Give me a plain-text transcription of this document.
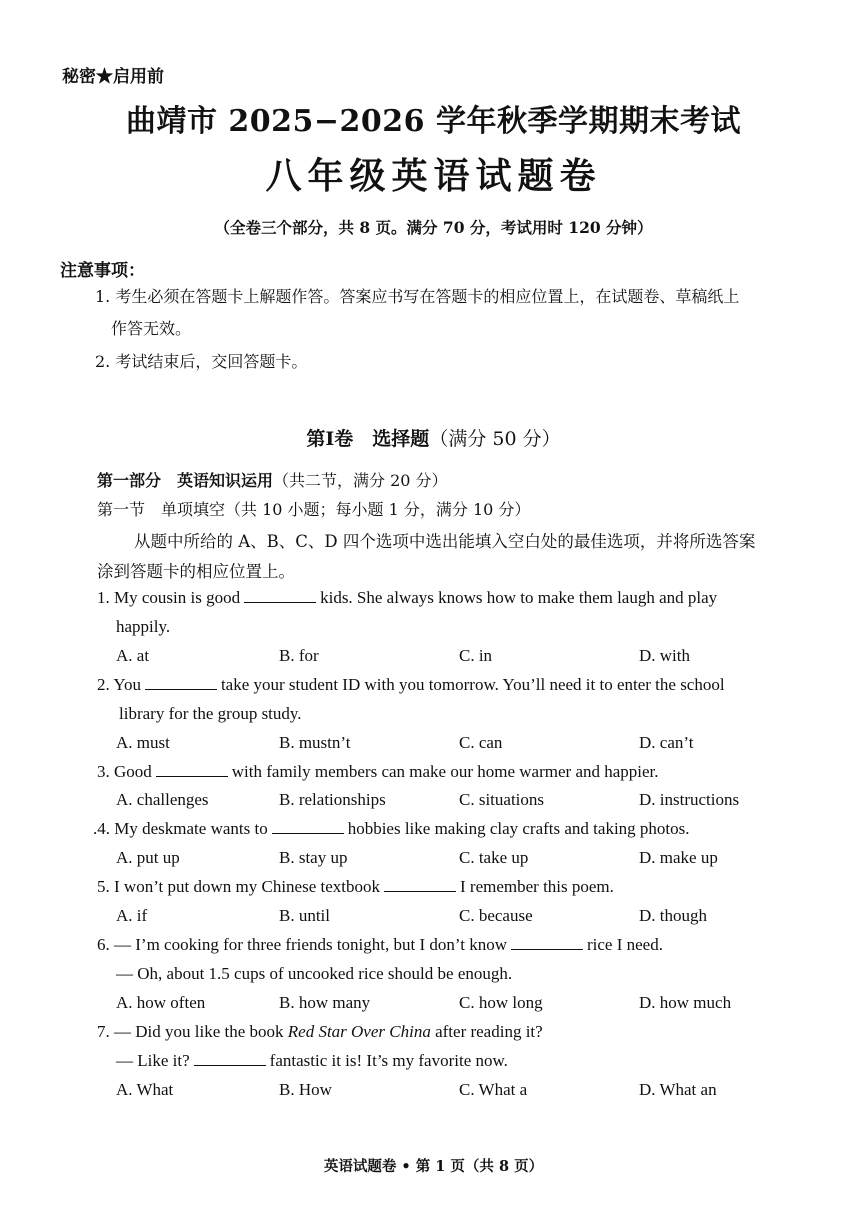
秘密★启用前
曲靖市 2025−2026 学年秋季学期期末考试
八年级英语试题卷
（全卷三个部分，共 8 页。满分 70 分，考试用时 120 分钟）
注意事项：
1. 考生必须在答题卡上解题作答。答案应书写在答题卡的相应位置上，在试题卷、草稿纸上
作答无效。
2. 考试结束后，交回答题卡。
第Ⅰ卷　选择题（满分 50 分）
第一部分　英语知识运用（共二节，满分 20 分）
第一节　单项填空（共 10 小题；每小题 1 分，满分 10 分）
从题中所给的 A、B、C、D 四个选项中选出能填入空白处的最佳选项，并将所选答案
涂到答题卡的相应位置上。
1. My cousin is good	kids. She always knows how to make them laugh and play
happily.
A. at	B. for	C. in	D. with
2. You	take your student ID with you tomorrow. You’ll need it to enter the school
library for the group study.
A. must	B. mustn’t	C. can	D. can’t
3. Good	with family members can make our home warmer and happier.
A. challenges	B. relationships	C. situations	D. instructions
.4. My deskmate wants to	hobbies like making clay crafts and taking photos.
A. put up	B. stay up	C. take up	D. make up
5. I won’t put down my Chinese textbook	I remember this poem.
A. if	B. until	C. because	D. though
6. — I’m cooking for three friends tonight, but I don’t know	rice I need.
— Oh, about 1.5 cups of uncooked rice should be enough.
A. how often	B. how many	C. how long	D. how much
7. — Did you like the book Red Star Over China after reading it?
— Like it?	fantastic it is! It’s my favorite now.
A. What	B. How	C. What a	D. What an
英语试题卷 • 第 1 页（共 8 页）
